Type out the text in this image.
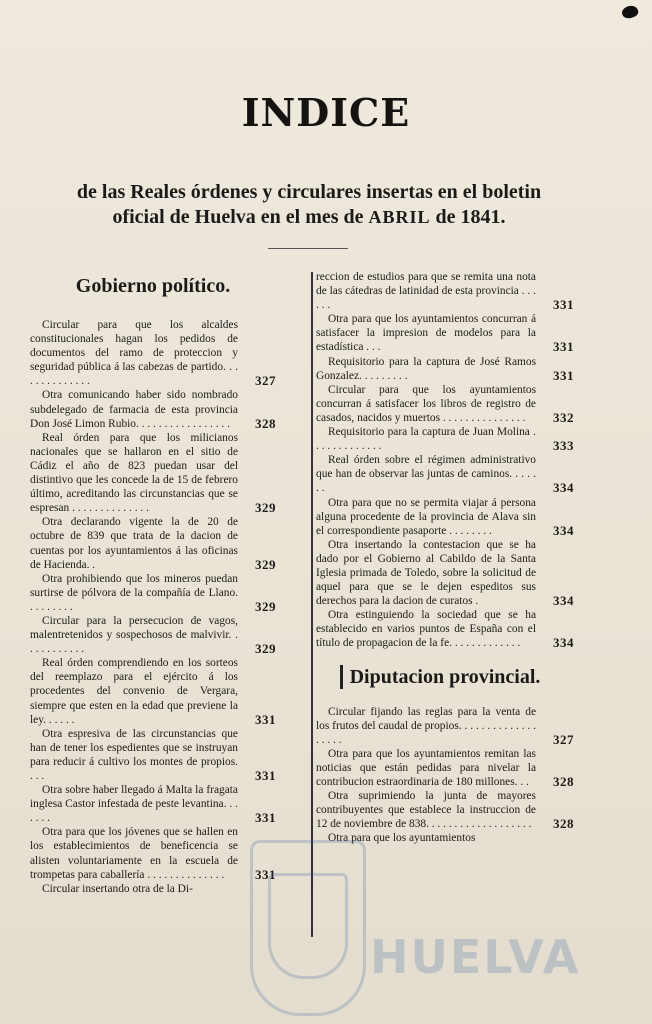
INDICE
de las Reales órdenes y circulares insertas en el boletin
oficial de Huelva en el mes de ABRIL de 1841.
Gobierno político.
Circular para que los alcaldes constitucionales hagan los pedidos de documentos del ramo de proteccion y seguridad pública á las cabezas de partido. . . . . . . . . . . . . .	327
Otra comunicando haber sido nombrado subdelegado de farmacia de esta provincia Don José Limon Rubio. . . . . . . . . . . . . . . . .	328
Real órden para que los milicianos nacionales que se hallaron en el sitio de Cádiz el año de 823 puedan usar del distintivo que les concede la de 15 de febrero último, acreditando las circunstancias que se espresan . . . . . . . . . . . . . .	329
Otra declarando vigente la de 20 de octubre de 839 que trata de la dacion de cuentas por los ayuntamientos á las oficinas de Hacienda. .	329
Otra prohibiendo que los mineros puedan surtirse de pólvora de la compañía de Llano. . . . . . . . .	329
Circular para la persecucion de vagos, malentretenidos y sospechosos de malvivir. . . . . . . . . . . .	329
Real órden comprendiendo en los sorteos del reemplazo para el ejército á los procedentes del convenio de Vergara, siempre que esten en la edad que previene la ley. . . . . .	331
Otra espresiva de las circunstancias que han de tener los espedientes que se instruyan para reducir á cultivo los montes de propios. . . .	331
Otra sobre haber llegado á Malta la fragata inglesa Castor infestada de peste levantina. . . . . . .	331
Otra para que los jóvenes que se hallen en los establecimientos de beneficencia se alisten voluntariamente en la escuela de trompetas para caballería . . . . . . . . . . . . . .	331
Circular insertando otra de la Di-
reccion de estudios para que se remita una nota de las cátedras de latinidad de esta provincia . . . . . .	331
Otra para que los ayuntamientos concurran á satisfacer la impresion de modelos para la estadística . . .	331
Requisitorio para la captura de José Ramos Gonzalez. . . . . . . . .	331
Circular para que los ayuntamientos concurran á satisfacer los libros de registro de casados, nacidos y muertos . . . . . . . . . . . . . . .	332
Requisitorio para la captura de Juan Molina . . . . . . . . . . . . .	333
Real órden sobre el régimen administrativo que han de observar las juntas de caminos. . . . . . .	334
Otra para que no se permita viajar á persona alguna procedente de la provincia de Alava sin el correspondiente pasaporte . . . . . . . .	334
Otra insertando la contestacion que se ha dado por el Gobierno al Cabildo de la Santa Iglesia primada de Toledo, sobre la solicitud de aquel para que se le dejen espeditos sus derechos para la dacion de curatos .	334
Otra estinguiendo la sociedad que se ha establecido en varios puntos de España con el título de propagacion de la fe. . . . . . . . . . . . .	334
Diputacion provincial.
Circular fijando las reglas para la venta de los frutos del caudal de propios. . . . . . . . . . . . . . . . . . .	327
Otra para que los ayuntamientos remitan las noticias que están pedidas para nivelar la contribucion estraordinaria de 180 millones. . .	328
Otra suprimiendo la junta de mayores contribuyentes que establece la instruccion de 12 de noviembre de 838. . . . . . . . . . . . . . . . . . .	328
Otra para que los ayuntamientos
HUELVA
